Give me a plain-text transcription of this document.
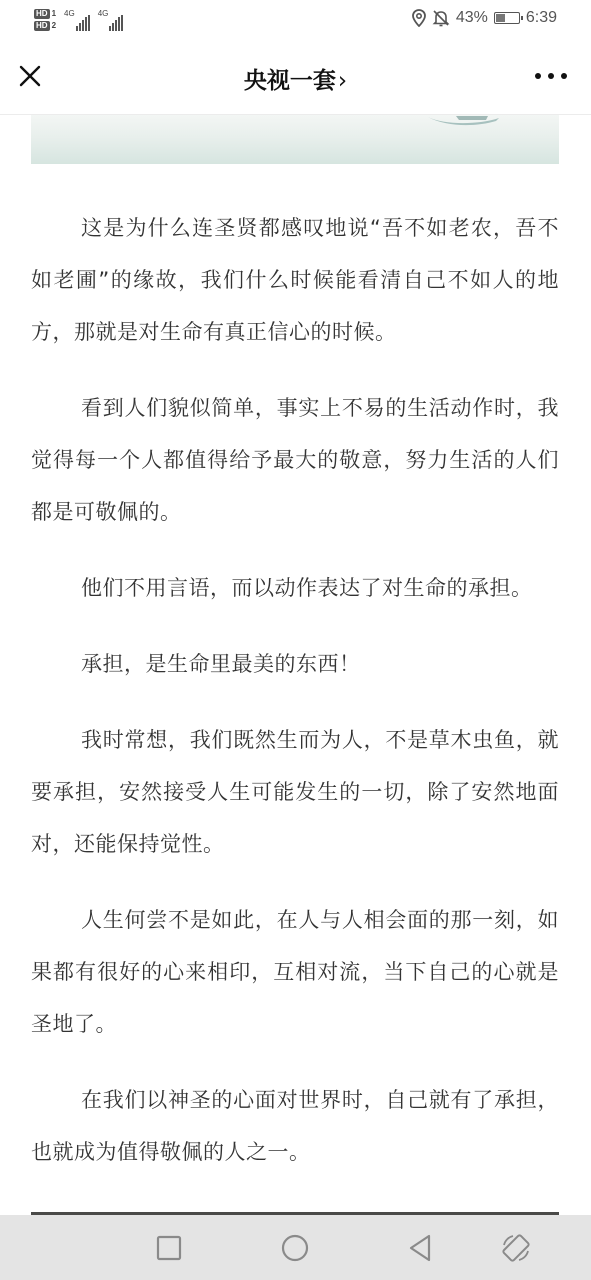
HD 1
HD 2
4G	4G	43% 6:39
央视一套›

这是为什么连圣贤都感叹地说“吾不如老农，吾不如老圃”的缘故，我们什么时候能看清自己不如人的地方，那就是对生命有真正信心的时候。

看到人们貌似简单，事实上不易的生活动作时，我觉得每一个人都值得给予最大的敬意，努力生活的人们都是可敬佩的。

他们不用言语，而以动作表达了对生命的承担。

承担，是生命里最美的东西！

我时常想，我们既然生而为人，不是草木虫鱼，就要承担，安然接受人生可能发生的一切，除了安然地面对，还能保持觉性。

人生何尝不是如此，在人与人相会面的那一刻，如果都有很好的心来相印，互相对流，当下自己的心就是圣地了。

在我们以神圣的心面对世界时，自己就有了承担，也就成为值得敬佩的人之一。
